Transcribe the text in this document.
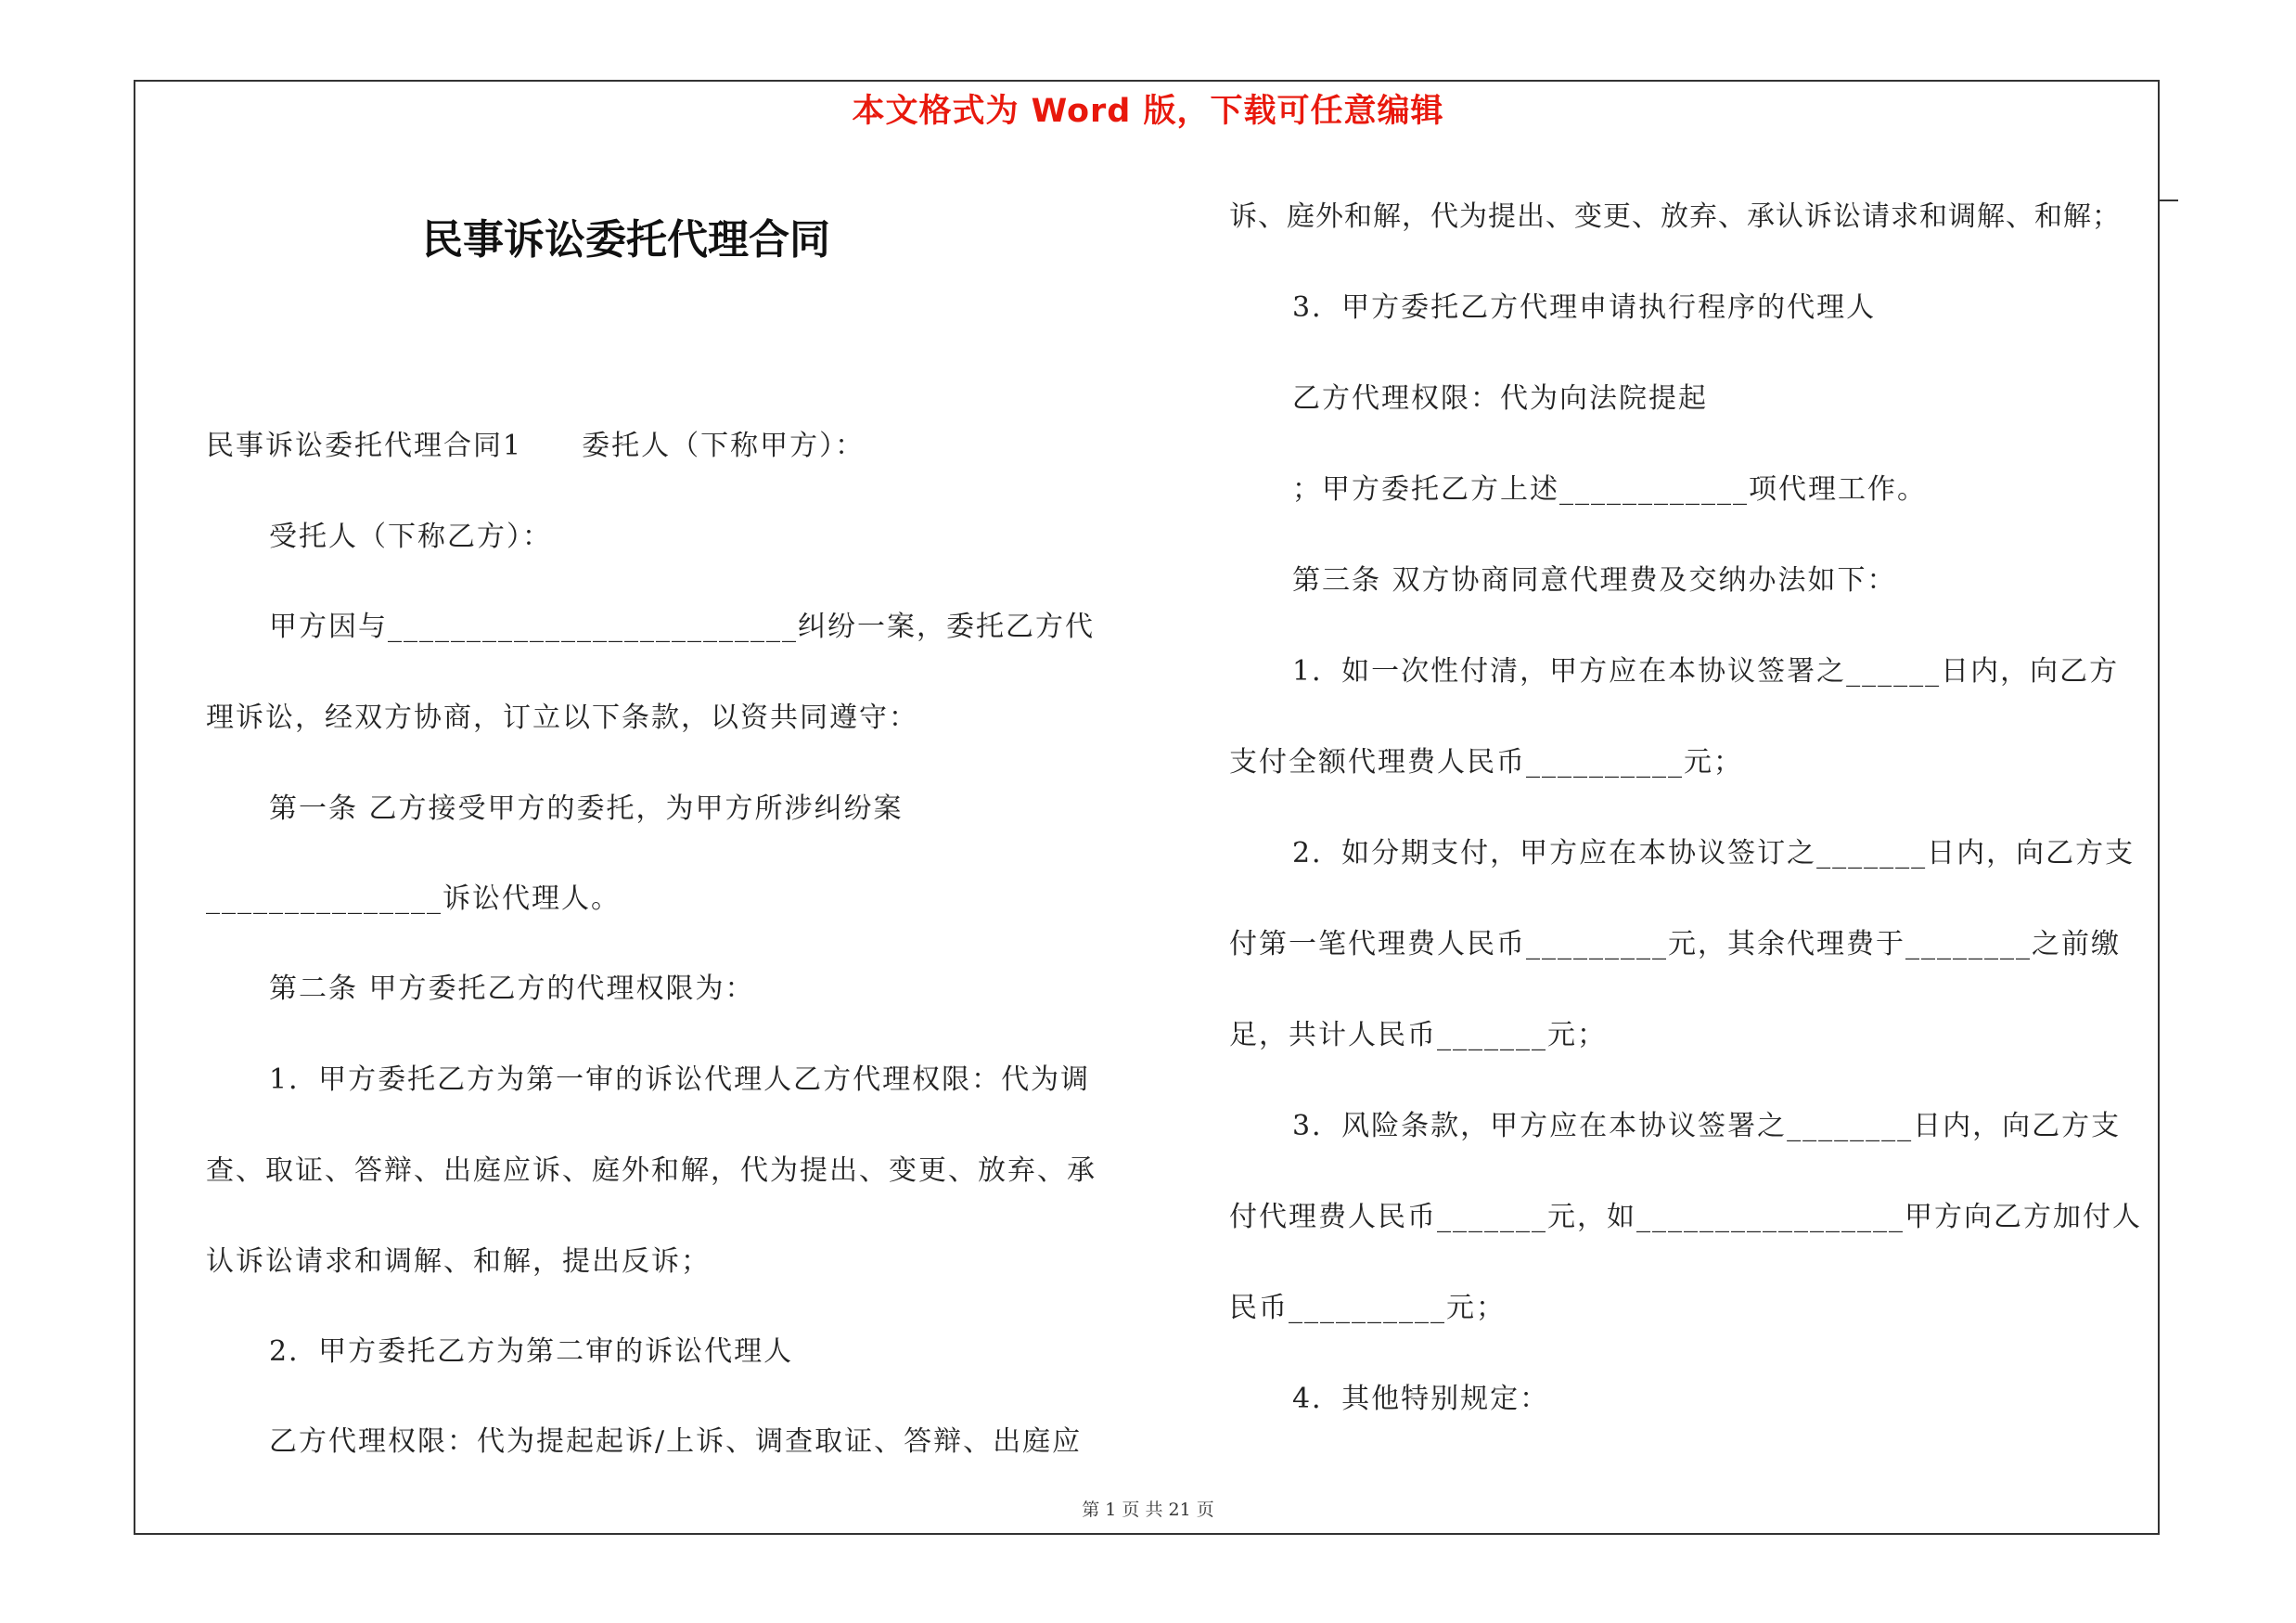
本文格式为 Word 版，下载可任意编辑
民事诉讼委托代理合同
民事诉讼委托代理合同1　　委托人（下称甲方）：
受托人（下称乙方）：
甲方因与__________________________纠纷一案，委托乙方代
理诉讼，经双方协商，订立以下条款，以资共同遵守：
第一条 乙方接受甲方的委托，为甲方所涉纠纷案
_______________诉讼代理人。
第二条 甲方委托乙方的代理权限为：
1．甲方委托乙方为第一审的诉讼代理人乙方代理权限：代为调
查、取证、答辩、出庭应诉、庭外和解，代为提出、变更、放弃、承
认诉讼请求和调解、和解，提出反诉；
2．甲方委托乙方为第二审的诉讼代理人
乙方代理权限：代为提起起诉/上诉、调查取证、答辩、出庭应
诉、庭外和解，代为提出、变更、放弃、承认诉讼请求和调解、和解；
3．甲方委托乙方代理申请执行程序的代理人
乙方代理权限：代为向法院提起
；甲方委托乙方上述____________项代理工作。
第三条 双方协商同意代理费及交纳办法如下：
1．如一次性付清，甲方应在本协议签署之______日内，向乙方
支付全额代理费人民币__________元；
2．如分期支付，甲方应在本协议签订之_______日内，向乙方支
付第一笔代理费人民币_________元，其余代理费于________之前缴
足，共计人民币_______元；
3．风险条款，甲方应在本协议签署之________日内，向乙方支
付代理费人民币_______元，如_________________甲方向乙方加付人
民币__________元；
4．其他特别规定：
第 1 页 共 21 页
